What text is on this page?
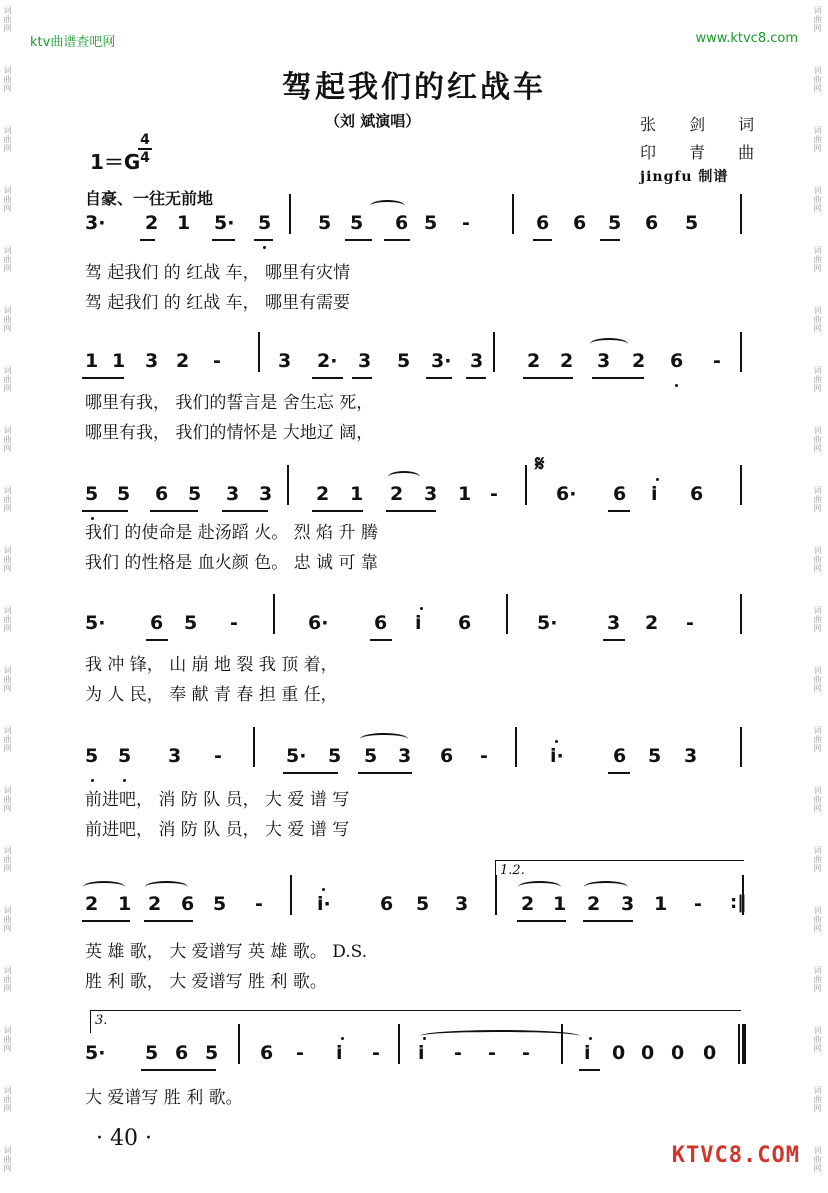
词曲网
词曲网
词曲网
词曲网
词曲网
词曲网
词曲网
词曲网
词曲网
词曲网
词曲网
词曲网
词曲网
词曲网
词曲网
词曲网
词曲网
词曲网
词曲网
词曲网
词曲网
词曲网
词曲网
词曲网
词曲网
词曲网
词曲网
词曲网
词曲网
词曲网
词曲网
词曲网
词曲网
词曲网
词曲网
词曲网
词曲网
词曲网
词曲网
词曲网
ktv曲谱查吧网	www.ktvc8.com
驾起我们的红战车
（刘 斌演唱）	张 剑 词
印 青 曲
jingfu 制谱
1＝G
4
4
自豪、一往无前地
3· 2 1 5· 5 5 5 6 5 -	6 6 5 6 5
驾 起我们 的 红战 车， 哪里有灾情
驾 起我们 的 红战 车， 哪里有需要
1 1 3 2 -	3 2· 3 5 3· 3 2 2 3 2 6 -
哪里有我， 我们的誓言是 舍生忘 死，
哪里有我， 我们的情怀是 大地辽 阔，
5 5 6 5 3 3 2 1 2 3 1 -	6· 6 i 6
我们 的使命是 赴汤蹈 火。 烈 焰 升 腾
我们 的性格是 血火颜 色。 忠 诚 可 靠
𝄋
5· 6 5 -	6· 6 i 6	5·	3 2 -
我 冲 锋， 山 崩 地 裂 我 顶 着，
为 人 民， 奉 献 青 春 担 重 任，
5 5 3 -	5· 5 5 3 6 -	i·	6 5 3
前进吧， 消 防 队 员， 大 爱 谱 写
前进吧， 消 防 队 员， 大 爱 谱 写
2 1 2 6 5 -	i·	6 5 3	2 1 2 3 1 -
英 雄 歌， 大 爱谱写 英 雄 歌。 D.S.
胜 利 歌， 大 爱谱写 胜 利 歌。
1.2.
:‖
5· 5 6 5 6 - i - i - - -	i 0 0 0 0
大 爱谱写 胜 利 歌。
3.
· 40 ·
KTVC8.COM
